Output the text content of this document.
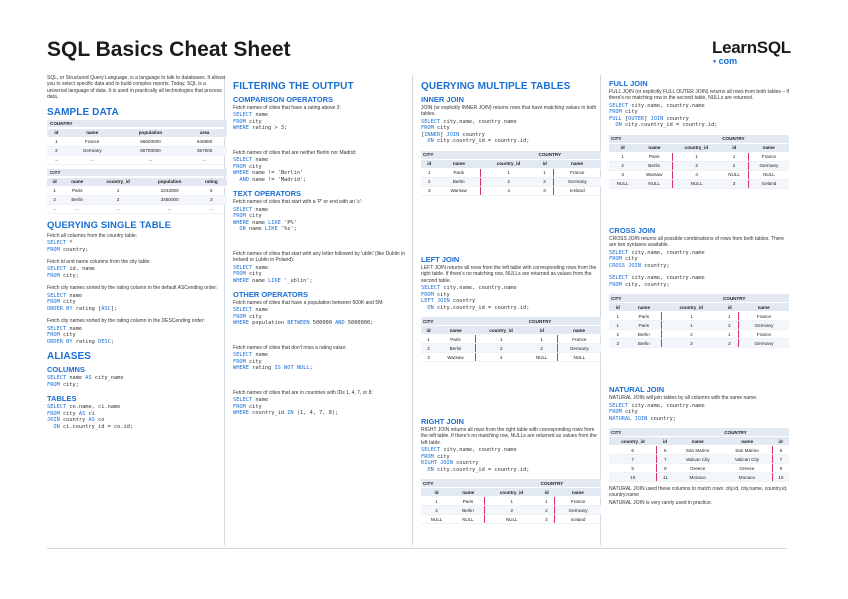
SQL Basics Cheat Sheet	LearnSQL
• com

SQL, or Structured Query Language, is a language to talk to databases. It allows you to select specific data and to build complex reports. Today, SQL is a universal language of data. It is used in practically all technologies that process data.

SAMPLE DATA
COUNTRY
id	name	population	area
1	France	66600000	640680
2	Germany	80700000	357000
...	...	...	...
CITY
id	name	country_id	population	rating
1	Paris	1	2243000	5
2	Berlin	2	3460000	3
...	...	...	...	...
QUERYING SINGLE TABLE

Fetch all columns from the country table:

SELECT *
FROM country;

Fetch id and name columns from the city table:

SELECT id, name
FROM city;

Fetch city names sorted by the rating column in the default ASCending order:

SELECT name
FROM city
ORDER BY rating [ASC];

Fetch city names sorted by the rating column in the DESCending order:

SELECT name
FROM city
ORDER BY rating DESC;
ALIASES
COLUMNS
SELECT name AS city_name
FROM city;
TABLES
SELECT co.name, ci.name
FROM city AS ci
JOIN country AS co
ON ci.country_id = co.id;
FILTERING THE OUTPUT
COMPARISON OPERATORS

Fetch names of cities that have a rating above 3:

SELECT name
FROM city
WHERE rating > 3;

Fetch names of cities that are neither Berlin nor Madrid:

SELECT name
FROM city
WHERE name != 'Berlin'
AND name != 'Madrid';
TEXT OPERATORS

Fetch names of cities that start with a 'P' or end with an 's':

SELECT name
FROM city
WHERE name LIKE 'P%'
OR name LIKE '%s';

Fetch names of cities that start with any letter followed by 'ublin' (like Dublin in Ireland or Lublin in Poland):

SELECT name
FROM city
WHERE name LIKE '_ublin';
OTHER OPERATORS

Fetch names of cities that have a population between 500K and 5M:

SELECT name
FROM city
WHERE population BETWEEN 500000 AND 5000000;

Fetch names of cities that don't miss a rating value:

SELECT name
FROM city
WHERE rating IS NOT NULL;

Fetch names of cities that are in countries with IDs 1, 4, 7, or 8:

SELECT name
FROM city
WHERE country_id IN (1, 4, 7, 8);
QUERYING MULTIPLE TABLES
INNER JOIN

JOIN (or explicitly INNER JOIN) returns rows that have matching values in both tables.

SELECT city.name, country.name
FROM city
[INNER] JOIN country
ON city.country_id = country.id;
CITY			COUNTRY	
id	name	country_id	id	name
1	Paris	1	1	France
2	Berlin	2	2	Germany
3	Warsaw	4	3	Iceland
LEFT JOIN

LEFT JOIN returns all rows from the left table with corresponding rows from the right table. If there's no matching row, NULLs are returned as values from the second table.

SELECT city.name, country.name
FROM city
LEFT JOIN country
ON city.country_id = country.id;
CITY			COUNTRY	
id	name	country_id	id	name
1	Paris	1	1	France
2	Berlin	2	2	Germany
3	Warsaw	4	NULL	NULL
RIGHT JOIN

RIGHT JOIN returns all rows from the right table with corresponding rows from the left table. If there's no matching row, NULLs are returned as values from the left table.

SELECT city.name, country.name
FROM city
RIGHT JOIN country
ON city.country_id = country.id;
CITY			COUNTRY	
id	name	country_id	id	name
1	Paris	1	1	France
2	Berlin	2	2	Germany
NULL	NULL	NULL	3	Iceland
FULL JOIN

FULL JOIN (or explicitly FULL OUTER JOIN) returns all rows from both tables – if there's no matching row in the second table, NULLs are returned.

SELECT city.name, country.name
FROM city
FULL [OUTER] JOIN country
ON city.country_id = country.id;
CITY			COUNTRY	
id	name	country_id	id	name
1	Paris	1	1	France
2	Berlin	2	2	Germany
3	Warsaw	4	NULL	NULL
NULL	NULL	NULL	3	Iceland
CROSS JOIN

CROSS JOIN returns all possible combinations of rows from both tables. There are two syntaxes available.

SELECT city.name, country.name
FROM city
CROSS JOIN country;
SELECT city.name, country.name
FROM city, country;
CITY			COUNTRY	
id	name	country_id	id	name
1	Paris	1	1	France
1	Paris	1	2	Germany
2	Berlin	2	1	France
2	Berlin	2	2	Germany
NATURAL JOIN

NATURAL JOIN will join tables by all columns with the same name.

SELECT city.name, country.name
FROM city
NATURAL JOIN country;
CITY			COUNTRY	
country_id	id	name	name	id
6	6	San Marino	San Marino	6
7	7	Vatican City	Vatican City	7
5	9	Greece	Greece	9
10	11	Monaco	Monaco	10

NATURAL JOIN used these columns to match rows: city.id, city.name, country.id, country.name

NATURAL JOIN is very rarely used in practice.
